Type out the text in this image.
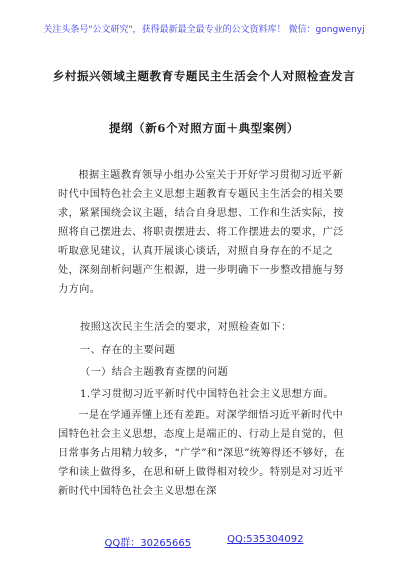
关注头条号"公文研究"，获得最新最全最专业的公文资料库！ 微信：gongwenyj
乡村振兴领域主题教育专题民主生活会个人对照检查发言
提纲（新6个对照方面＋典型案例）
根据主题教育领导小组办公室关于开好学习贯彻习近平新时代中国特色社会主义思想主题教育专题民主生活会的相关要求，紧紧围绕会议主题，结合自身思想、工作和生活实际，按照将自己摆进去、将职责摆进去、将工作摆进去的要求，广泛听取意见建议，认真开展谈心谈话，对照自身存在的不足之处，深刻剖析问题产生根源，进一步明确下一步整改措施与努力方向。
按照这次民主生活会的要求，对照检查如下：
一、存在的主要问题
（一）结合主题教育查摆的问题
1.学习贯彻习近平新时代中国特色社会主义思想方面。
一是在学通弄懂上还有差距。对深学细悟习近平新时代中国特色社会主义思想，态度上是端正的、行动上是自觉的，但日常事务占用精力较多，“广学”和“深思”统筹得还不够好，在学和读上做得多，在思和研上做得相对较少。特别是对习近平新时代中国特色社会主义思想在深
QQ群：30265665	QQ:535304092
